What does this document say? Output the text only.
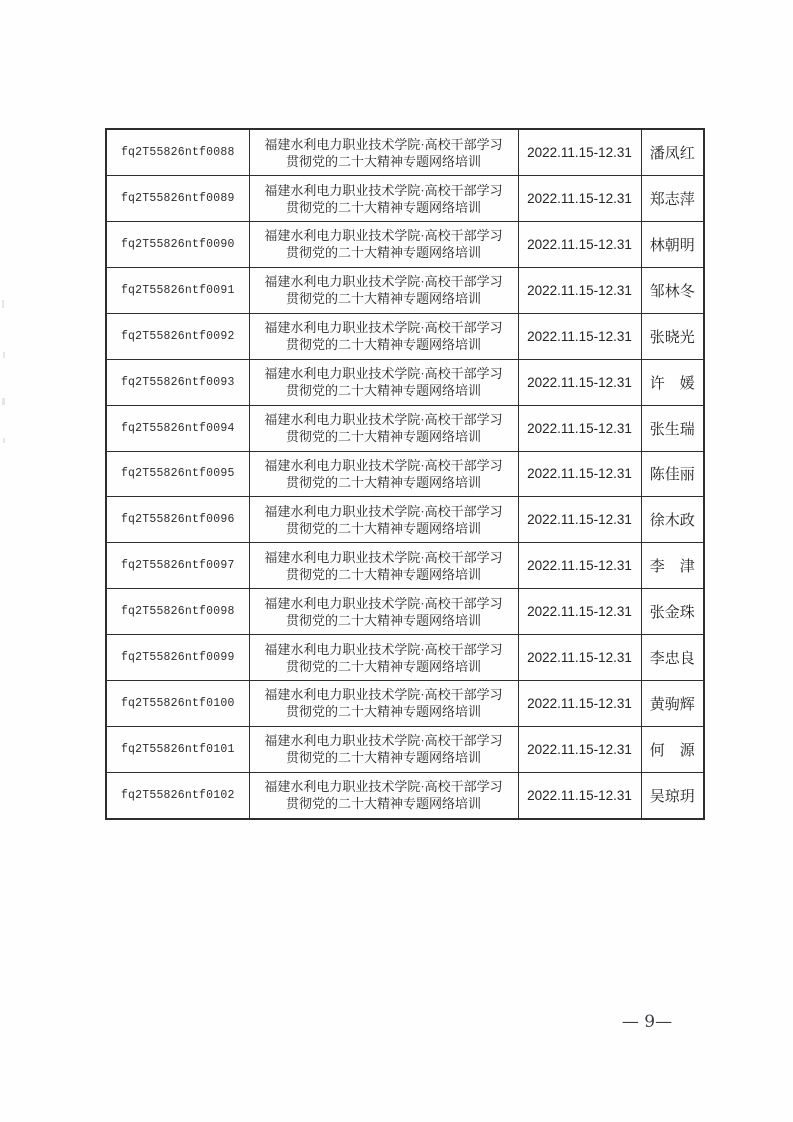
fq2T55826ntf0088	福建水利电力职业技术学院·高校干部学习
贯彻党的二十大精神专题网络培训	2022.11.15-12.31	潘凤红
fq2T55826ntf0089	福建水利电力职业技术学院·高校干部学习
贯彻党的二十大精神专题网络培训	2022.11.15-12.31	郑志萍
fq2T55826ntf0090	福建水利电力职业技术学院·高校干部学习
贯彻党的二十大精神专题网络培训	2022.11.15-12.31	林朝明
fq2T55826ntf0091	福建水利电力职业技术学院·高校干部学习
贯彻党的二十大精神专题网络培训	2022.11.15-12.31	邹林冬
fq2T55826ntf0092	福建水利电力职业技术学院·高校干部学习
贯彻党的二十大精神专题网络培训	2022.11.15-12.31	张晓光
fq2T55826ntf0093	福建水利电力职业技术学院·高校干部学习
贯彻党的二十大精神专题网络培训	2022.11.15-12.31	许　媛
fq2T55826ntf0094	福建水利电力职业技术学院·高校干部学习
贯彻党的二十大精神专题网络培训	2022.11.15-12.31	张生瑞
fq2T55826ntf0095	福建水利电力职业技术学院·高校干部学习
贯彻党的二十大精神专题网络培训	2022.11.15-12.31	陈佳丽
fq2T55826ntf0096	福建水利电力职业技术学院·高校干部学习
贯彻党的二十大精神专题网络培训	2022.11.15-12.31	徐木政
fq2T55826ntf0097	福建水利电力职业技术学院·高校干部学习
贯彻党的二十大精神专题网络培训	2022.11.15-12.31	李　津
fq2T55826ntf0098	福建水利电力职业技术学院·高校干部学习
贯彻党的二十大精神专题网络培训	2022.11.15-12.31	张金珠
fq2T55826ntf0099	福建水利电力职业技术学院·高校干部学习
贯彻党的二十大精神专题网络培训	2022.11.15-12.31	李忠良
fq2T55826ntf0100	福建水利电力职业技术学院·高校干部学习
贯彻党的二十大精神专题网络培训	2022.11.15-12.31	黄驹辉
fq2T55826ntf0101	福建水利电力职业技术学院·高校干部学习
贯彻党的二十大精神专题网络培训	2022.11.15-12.31	何　源
fq2T55826ntf0102	福建水利电力职业技术学院·高校干部学习
贯彻党的二十大精神专题网络培训	2022.11.15-12.31	吴琼玥
— 9—
